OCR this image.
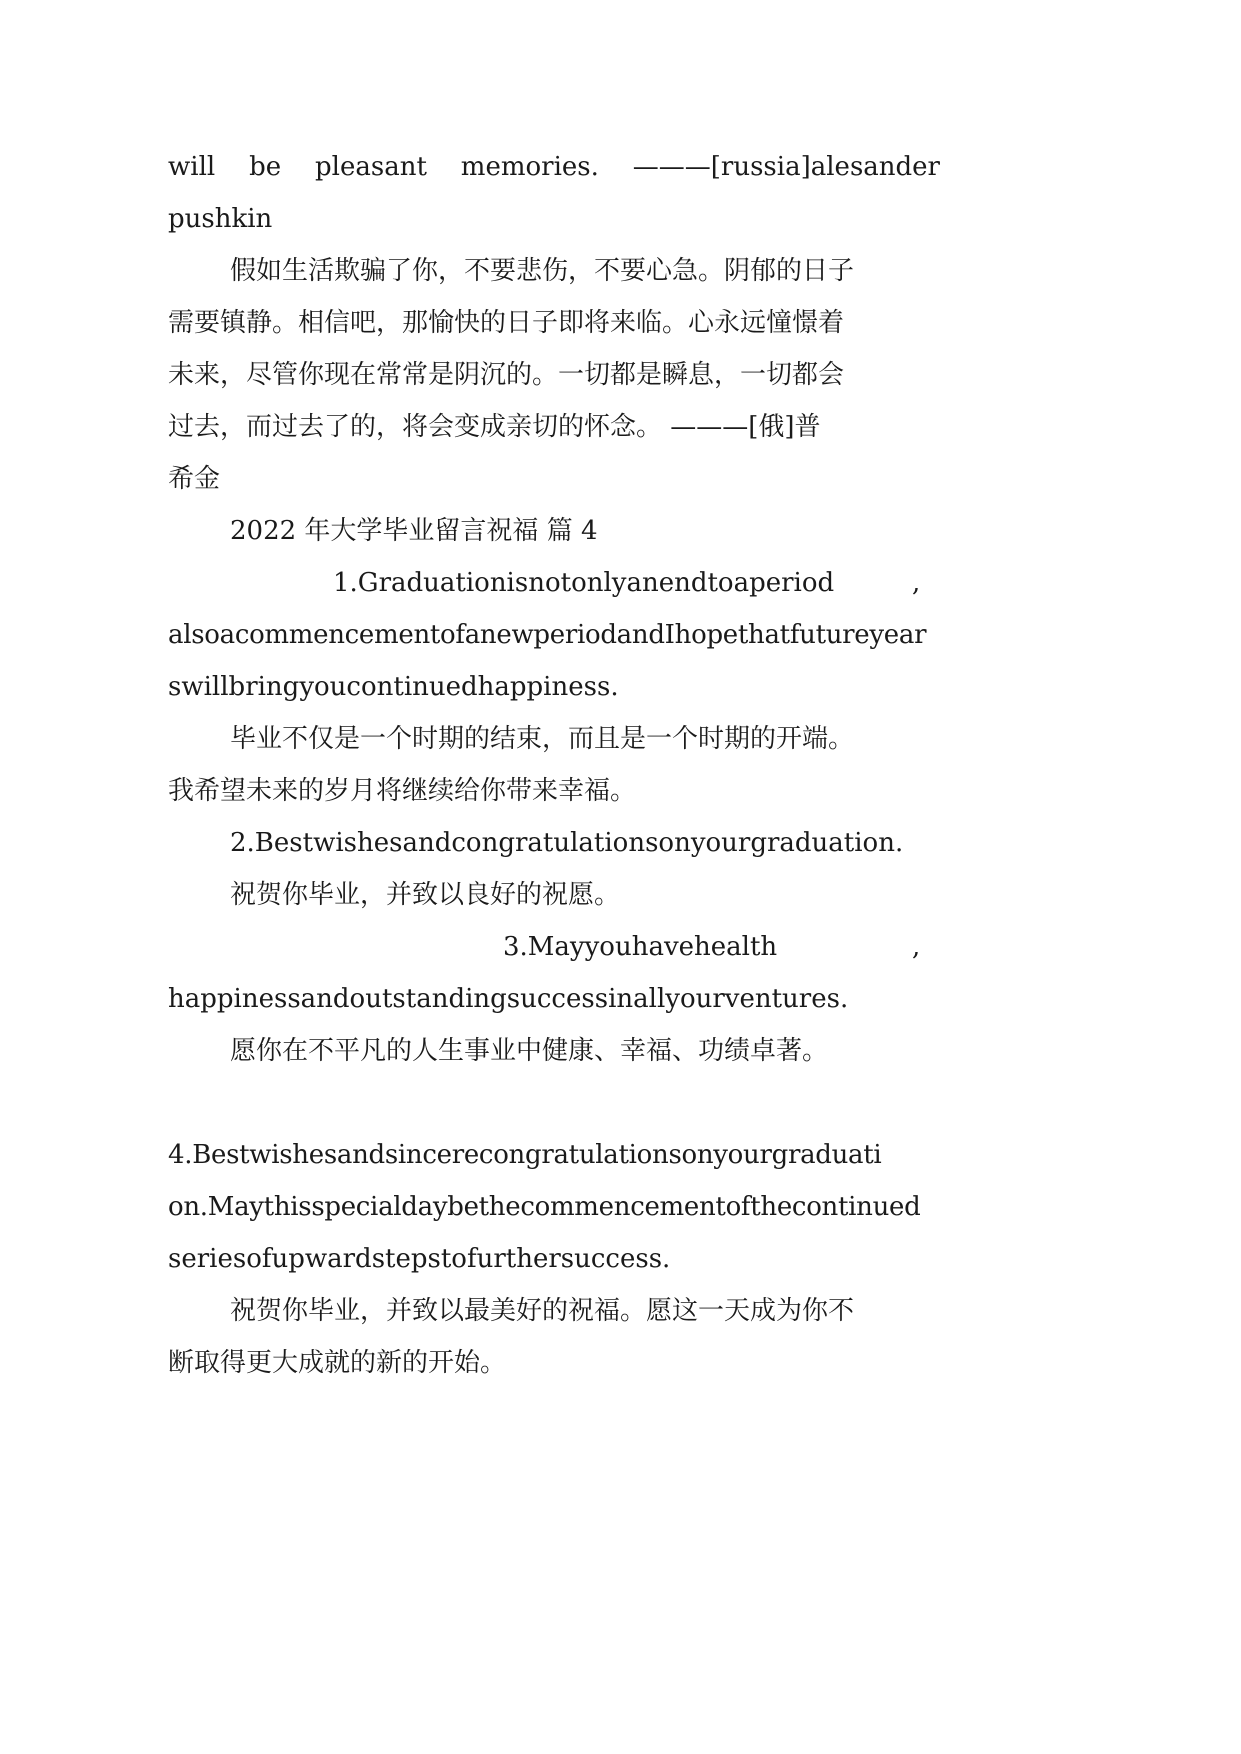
will be pleasant memories. ———[russia]alesander
pushkin
假如生活欺骗了你，不要悲伤，不要心急。阴郁的日子
需要镇静。相信吧，那愉快的日子即将来临。心永远憧憬着
未来，尽管你现在常常是阴沉的。一切都是瞬息，一切都会
过去，而过去了的，将会变成亲切的怀念。 ———[俄]普
希金
2022 年大学毕业留言祝福 篇 4
1.Graduationisnotonlyanendtoaperiod	,
alsoacommencementofanewperiodandIhopethatfutureyear
swillbringyoucontinuedhappiness.
毕业不仅是一个时期的结束，而且是一个时期的开端。
我希望未来的岁月将继续给你带来幸福。
2.Bestwishesandcongratulationsonyourgraduation.
祝贺你毕业，并致以良好的祝愿。
3.Mayyouhavehealth	,
happinessandoutstandingsuccessinallyourventures.
愿你在不平凡的人生事业中健康、幸福、功绩卓著。
4.Bestwishesandsincerecongratulationsonyourgraduati
on.Maythisspecialdaybethecommencementofthecontinued
seriesofupwardstepstofurthersuccess.
祝贺你毕业，并致以最美好的祝福。愿这一天成为你不
断取得更大成就的新的开始。
